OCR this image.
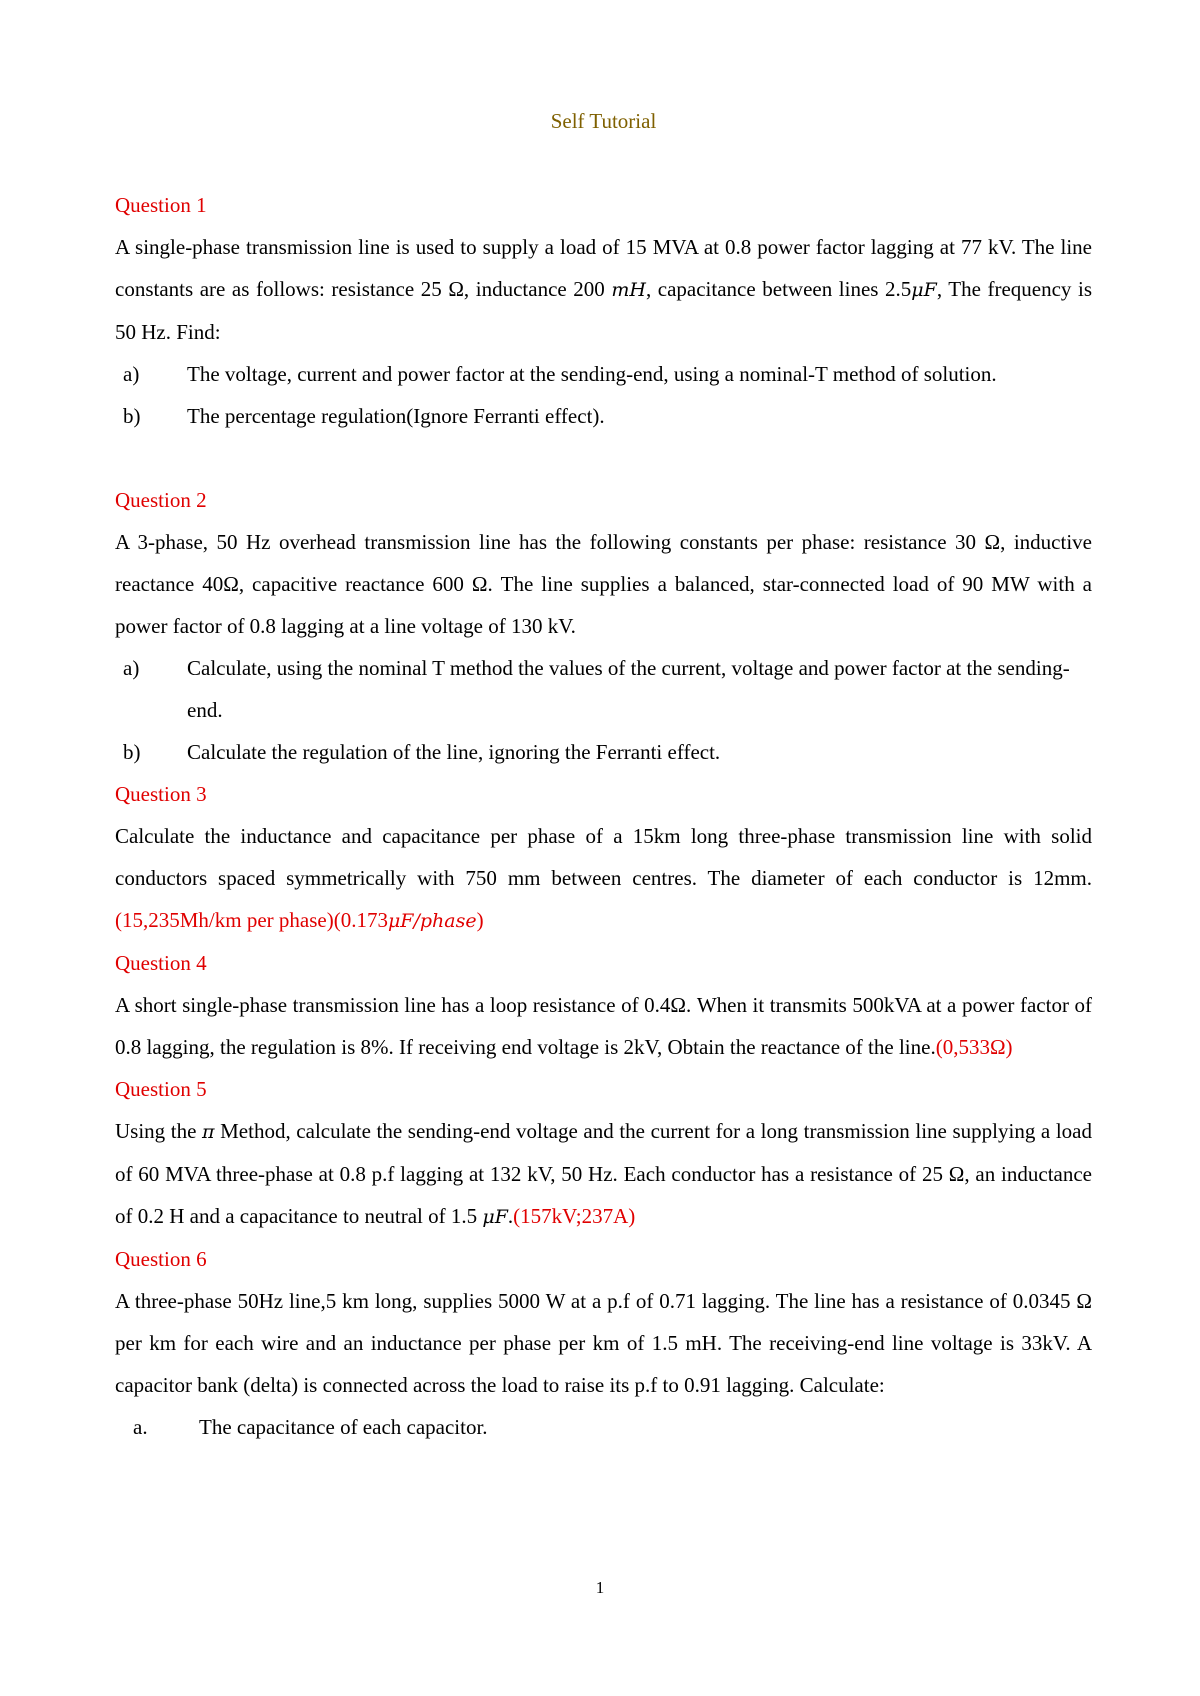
Self Tutorial
Question 1

A single-phase transmission line is used to supply a load of 15 MVA at 0.8 power factor lagging at 77 kV. The line constants are as follows: resistance 25 Ω, inductance 200 mH, capacitance between lines 2.5μF, The frequency is 50 Hz. Find:

a)	The voltage, current and power factor at the sending-end, using a nominal-T method of solution.
b)	The percentage regulation(Ignore Ferranti effect).
Question 2

A 3-phase, 50 Hz overhead transmission line has the following constants per phase: resistance 30 Ω, inductive reactance 40Ω, capacitive reactance 600 Ω. The line supplies a balanced, star-connected load of 90 MW with a power factor of 0.8 lagging at a line voltage of 130 kV.

a)	Calculate, using the nominal T method the values of the current, voltage and power factor at the sending-end.
b)	Calculate the regulation of the line, ignoring the Ferranti effect.
Question 3

Calculate the inductance and capacitance per phase of a 15km long three-phase transmission line with solid conductors spaced symmetrically with 750 mm between centres. The diameter of each conductor is 12mm.(15,235Mh/km per phase)(0.173μF/phase)

Question 4

A short single-phase transmission line has a loop resistance of 0.4Ω. When it transmits 500kVA at a power factor of 0.8 lagging, the regulation is 8%. If receiving end voltage is 2kV, Obtain the reactance of the line.(0,533Ω)

Question 5

Using the π Method, calculate the sending-end voltage and the current for a long transmission line supplying a load of 60 MVA three-phase at 0.8 p.f lagging at 132 kV, 50 Hz. Each conductor has a resistance of 25 Ω, an inductance of 0.2 H and a capacitance to neutral of 1.5 μF.(157kV;237A)

Question 6

A three-phase 50Hz line,5 km long, supplies 5000 W at a p.f of 0.71 lagging. The line has a resistance of 0.0345 Ω per km for each wire and an inductance per phase per km of 1.5 mH. The receiving-end line voltage is 33kV. A capacitor bank (delta) is connected across the load to raise its p.f to 0.91 lagging. Calculate:

a.	The capacitance of each capacitor.
1
